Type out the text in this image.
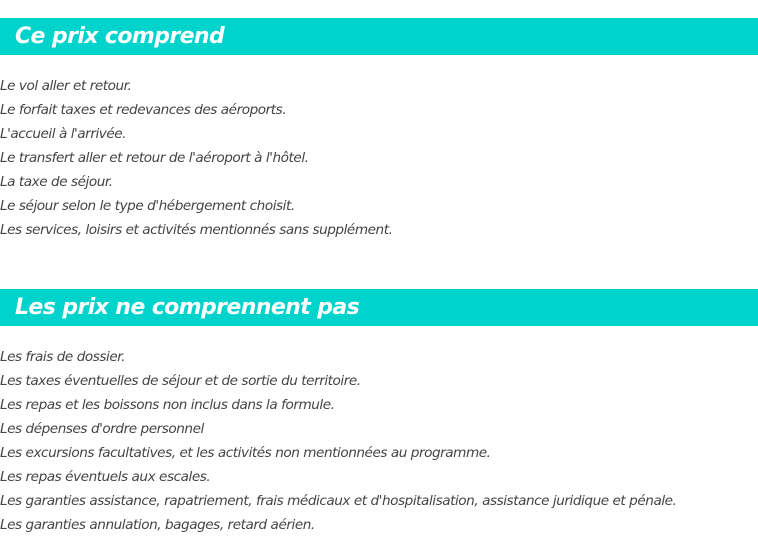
Ce prix comprend
Le vol aller et retour.
Le forfait taxes et redevances des aéroports.
L'accueil à l'arrivée.
Le transfert aller et retour de l'aéroport à l'hôtel.
La taxe de séjour.
Le séjour selon le type d'hébergement choisit.
Les services, loisirs et activités mentionnés sans supplément.
Les prix ne comprennent pas
Les frais de dossier.
Les taxes éventuelles de séjour et de sortie du territoire.
Les repas et les boissons non inclus dans la formule.
Les dépenses d'ordre personnel
Les excursions facultatives, et les activités non mentionnées au programme.
Les repas éventuels aux escales.
Les garanties assistance, rapatriement, frais médicaux et d'hospitalisation, assistance juridique et pénale.
Les garanties annulation, bagages, retard aérien.
